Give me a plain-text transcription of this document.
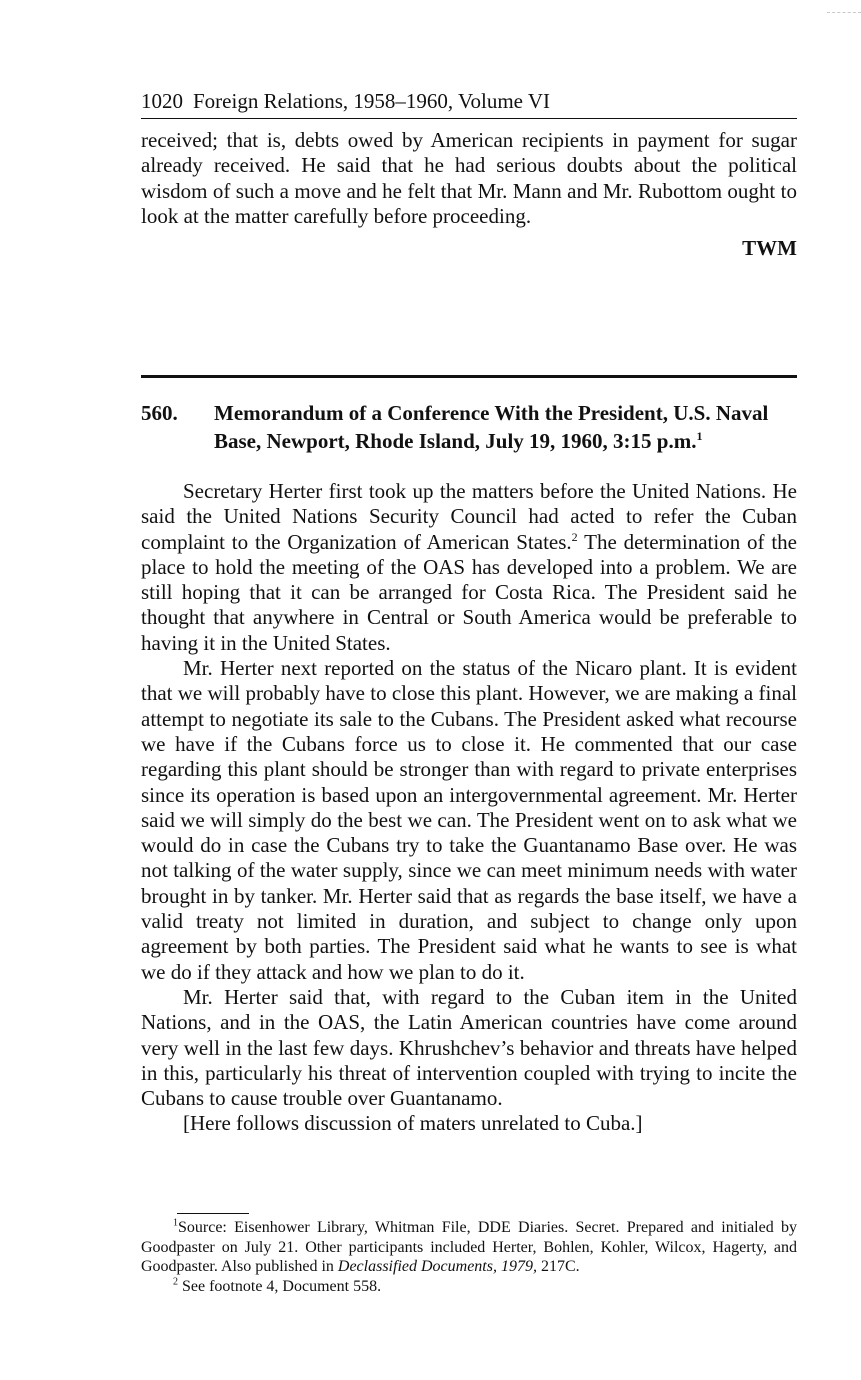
1020 Foreign Relations, 1958–1960, Volume VI

received; that is, debts owed by American recipients in payment for sugar already received. He said that he had serious doubts about the political wisdom of such a move and he felt that Mr. Mann and Mr. Rubottom ought to look at the matter carefully before proceeding.

TWM
560. Memorandum of a Conference With the President, U.S. Naval Base, Newport, Rhode Island, July 19, 1960, 3:15 p.m.$^1$

Secretary Herter first took up the matters before the United Nations. He said the United Nations Security Council had acted to refer the Cuban complaint to the Organization of American States.$^2$ The determination of the place to hold the meeting of the OAS has developed into a problem. We are still hoping that it can be arranged for Costa Rica. The President said he thought that anywhere in Central or South America would be preferable to having it in the United States.

Mr. Herter next reported on the status of the Nicaro plant. It is evident that we will probably have to close this plant. However, we are making a final attempt to negotiate its sale to the Cubans. The President asked what recourse we have if the Cubans force us to close it. He commented that our case regarding this plant should be stronger than with regard to private enterprises since its operation is based upon an intergovernmental agreement. Mr. Herter said we will simply do the best we can. The President went on to ask what we would do in case the Cubans try to take the Guantanamo Base over. He was not talking of the water supply, since we can meet minimum needs with water brought in by tanker. Mr. Herter said that as regards the base itself, we have a valid treaty not limited in duration, and subject to change only upon agreement by both parties. The President said what he wants to see is what we do if they attack and how we plan to do it.

Mr. Herter said that, with regard to the Cuban item in the United Nations, and in the OAS, the Latin American countries have come around very well in the last few days. Khrushchev’s behavior and threats have helped in this, particularly his threat of intervention coupled with trying to incite the Cubans to cause trouble over Guantanamo.

[Here follows discussion of maters unrelated to Cuba.]

$^1$Source: Eisenhower Library, Whitman File, DDE Diaries. Secret. Prepared and initialed by Goodpaster on July 21. Other participants included Herter, Bohlen, Kohler, Wilcox, Hagerty, and Goodpaster. Also published in Declassified Documents, 1979, 217C.

$^2$ See footnote 4, Document 558.
